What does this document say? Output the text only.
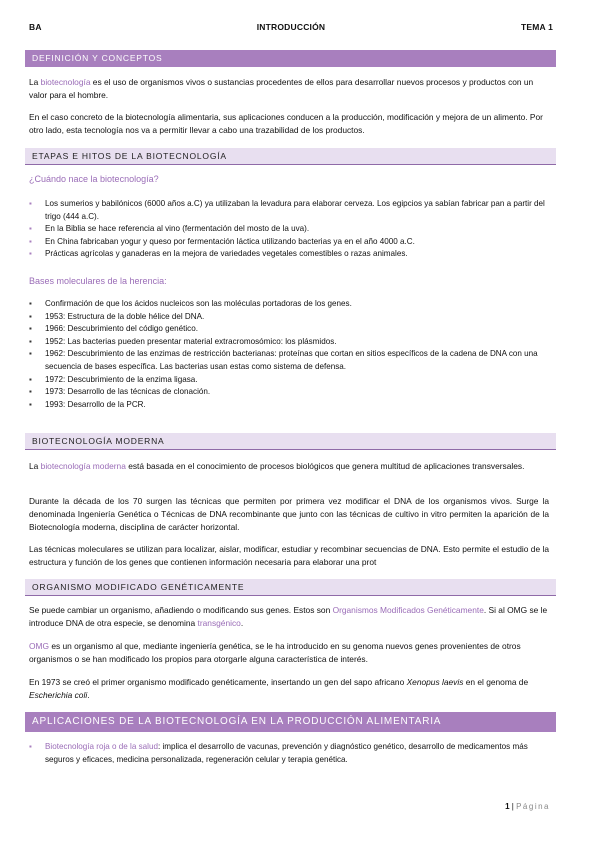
BA	INTRODUCCIÓN	TEMA 1
DEFINICIÓN Y CONCEPTOS
La biotecnología es el uso de organismos vivos o sustancias procedentes de ellos para desarrollar nuevos procesos y productos con un valor para el hombre.
En el caso concreto de la biotecnología alimentaria, sus aplicaciones conducen a la producción, modificación y mejora de un alimento. Por otro lado, esta tecnología nos va a permitir llevar a cabo una trazabilidad de los productos.
ETAPAS E HITOS DE LA BIOTECNOLOGÍA
¿Cuándo nace la biotecnología?
▪ Los sumerios y babilónicos (6000 años a.C) ya utilizaban la levadura para elaborar cerveza. Los egipcios ya sabían fabricar pan a partir del trigo (444 a.C).
▪ En la Biblia se hace referencia al vino (fermentación del mosto de la uva).
▪ En China fabricaban yogur y queso por fermentación láctica utilizando bacterias ya en el año 4000 a.C.
▪ Prácticas agrícolas y ganaderas en la mejora de variedades vegetales comestibles o razas animales.
Bases moleculares de la herencia:
▪ Confirmación de que los ácidos nucleicos son las moléculas portadoras de los genes.
▪ 1953: Estructura de la doble hélice del DNA.
▪ 1966: Descubrimiento del código genético.
▪ 1952: Las bacterias pueden presentar material extracromosómico: los plásmidos.
▪ 1962: Descubrimiento de las enzimas de restricción bacterianas: proteínas que cortan en sitios específicos de la cadena de DNA con una secuencia de bases específica. Las bacterias usan estas como sistema de defensa.
▪ 1972: Descubrimiento de la enzima ligasa.
▪ 1973: Desarrollo de las técnicas de clonación.
▪ 1993: Desarrollo de la PCR.
BIOTECNOLOGÍA MODERNA
La biotecnología moderna está basada en el conocimiento de procesos biológicos que genera multitud de aplicaciones transversales.
Durante la década de los 70 surgen las técnicas que permiten por primera vez modificar el DNA de los organismos vivos. Surge la denominada Ingeniería Genética o Técnicas de DNA recombinante que junto con las técnicas de cultivo in vitro permiten la aparición de la Biotecnología moderna, disciplina de carácter horizontal.
Las técnicas moleculares se utilizan para localizar, aislar, modificar, estudiar y recombinar secuencias de DNA. Esto permite el estudio de la estructura y función de los genes que contienen información necesaria para elaborar una prot
ORGANISMO MODIFICADO GENÉTICAMENTE
Se puede cambiar un organismo, añadiendo o modificando sus genes. Estos son Organismos Modificados Genéticamente. Si al OMG se le introduce DNA de otra especie, se denomina transgénico.
OMG es un organismo al que, mediante ingeniería genética, se le ha introducido en su genoma nuevos genes provenientes de otros organismos o se han modificado los propios para otorgarle alguna característica de interés.
En 1973 se creó el primer organismo modificado genéticamente, insertando un gen del sapo africano Xenopus laevis en el genoma de Escherichia coli.
APLICACIONES DE LA BIOTECNOLOGÍA EN LA PRODUCCIÓN ALIMENTARIA
▪ Biotecnología roja o de la salud: implica el desarrollo de vacunas, prevención y diagnóstico genético, desarrollo de medicamentos más seguros y eficaces, medicina personalizada, regeneración celular y terapia genética.
1 | Página
